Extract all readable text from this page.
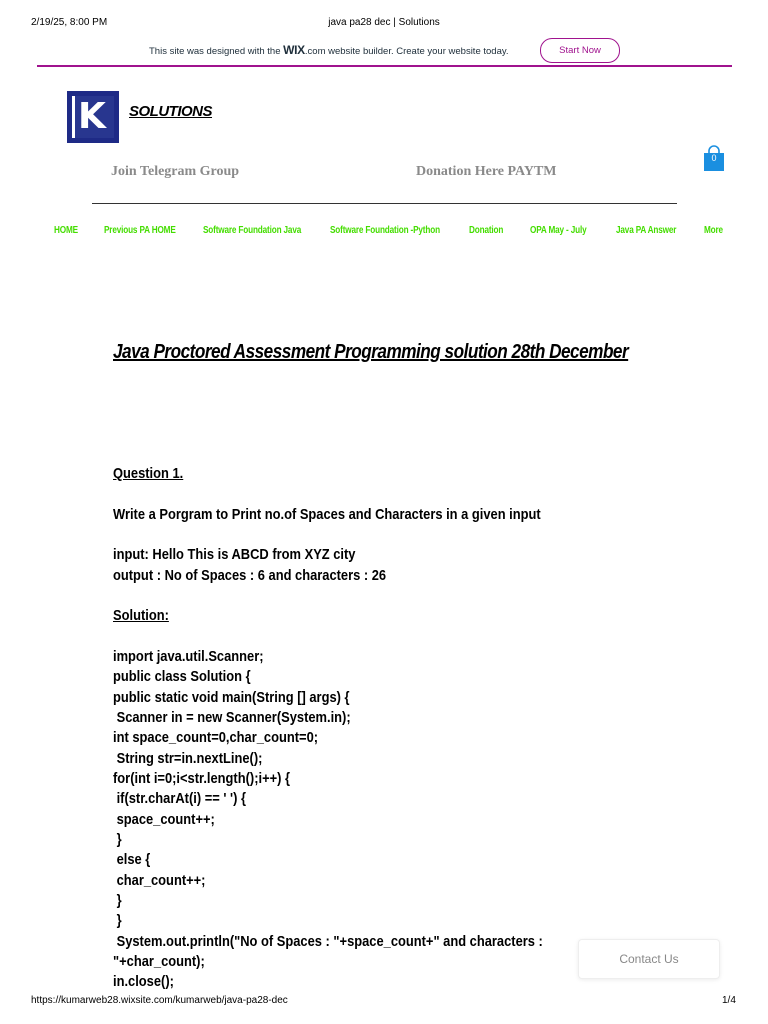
2/19/25, 8:00 PM	java pa28 dec | Solutions
This site was designed with the WIX.com website builder. Create your website today.	Start Now
K SOLUTIONS
Join Telegram Group	Donation Here PAYTM
0
HOME	Previous PA HOME	Software Foundation Java	Software Foundation -Python	Donation	OPA May - July	Java PA Answer	More
Java Proctored Assessment Programming solution 28th December
Question 1.
Write a Porgram to Print no.of Spaces and Characters in a given input
input: Hello This is ABCD from XYZ city
output : No of Spaces : 6 and characters : 26
Solution:
import java.util.Scanner;
public class Solution {
public static void main(String [] args) {
Scanner in = new Scanner(System.in);
int space_count=0,char_count=0;
String str=in.nextLine();
for(int i=0;i<str.length();i++) {
if(str.charAt(i) == ' ') {
space_count++;
}
else {
char_count++;
}
}
System.out.println("No of Spaces : "+space_count+" and characters :
"+char_count);
in.close();
Contact Us
https://kumarweb28.wixsite.com/kumarweb/java-pa28-dec	1/4
